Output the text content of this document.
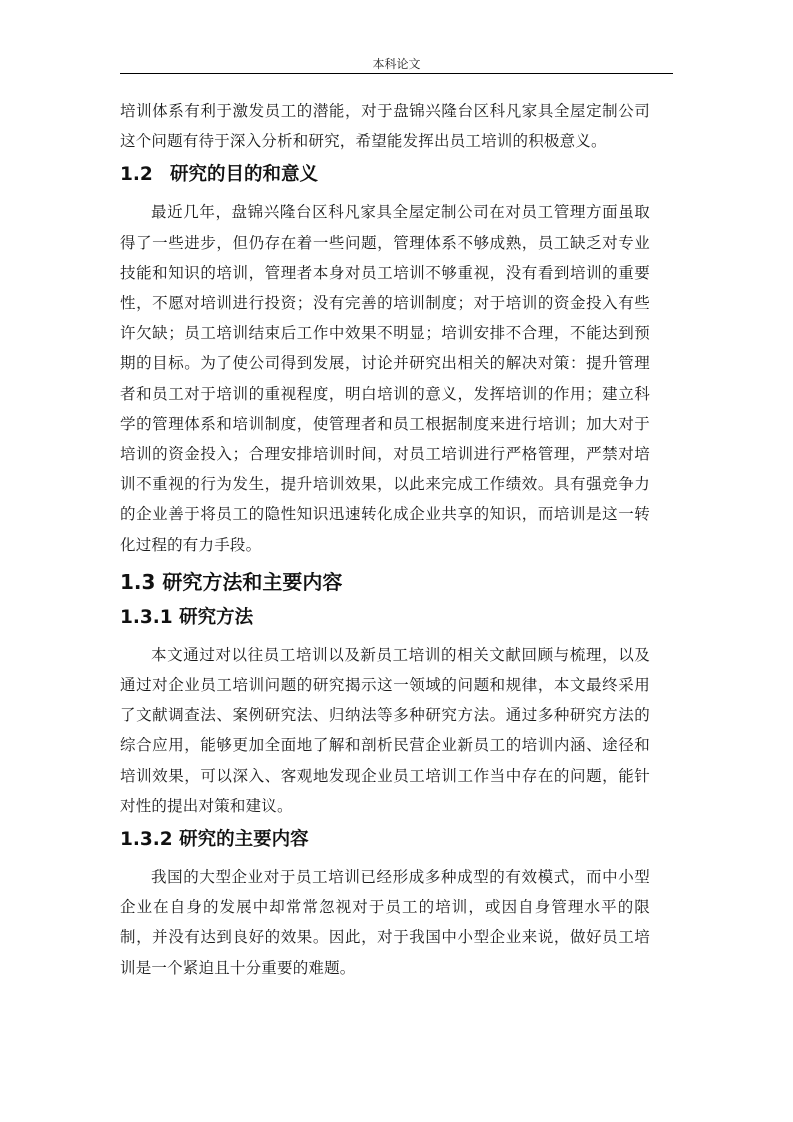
本科论文

培训体系有利于激发员工的潜能，对于盘锦兴隆台区科凡家具全屋定制公司这个问题有待于深入分析和研究，希望能发挥出员工培训的积极意义。

1.2 研究的目的和意义

最近几年，盘锦兴隆台区科凡家具全屋定制公司在对员工管理方面虽取得了一些进步，但仍存在着一些问题，管理体系不够成熟，员工缺乏对专业技能和知识的培训，管理者本身对员工培训不够重视，没有看到培训的重要性，不愿对培训进行投资；没有完善的培训制度；对于培训的资金投入有些许欠缺；员工培训结束后工作中效果不明显；培训安排不合理，不能达到预期的目标。为了使公司得到发展，讨论并研究出相关的解决对策：提升管理者和员工对于培训的重视程度，明白培训的意义，发挥培训的作用；建立科学的管理体系和培训制度，使管理者和员工根据制度来进行培训；加大对于培训的资金投入；合理安排培训时间，对员工培训进行严格管理，严禁对培训不重视的行为发生，提升培训效果，以此来完成工作绩效。具有强竞争力的企业善于将员工的隐性知识迅速转化成企业共享的知识，而培训是这一转化过程的有力手段。

1.3 研究方法和主要内容
1.3.1 研究方法

本文通过对以往员工培训以及新员工培训的相关文献回顾与梳理，以及通过对企业员工培训问题的研究揭示这一领域的问题和规律，本文最终采用了文献调查法、案例研究法、归纳法等多种研究方法。通过多种研究方法的综合应用，能够更加全面地了解和剖析民营企业新员工的培训内涵、途径和培训效果，可以深入、客观地发现企业员工培训工作当中存在的问题，能针对性的提出对策和建议。

1.3.2 研究的主要内容

我国的大型企业对于员工培训已经形成多种成型的有效模式，而中小型企业在自身的发展中却常常忽视对于员工的培训，或因自身管理水平的限制，并没有达到良好的效果。因此，对于我国中小型企业来说，做好员工培训是一个紧迫且十分重要的难题。
